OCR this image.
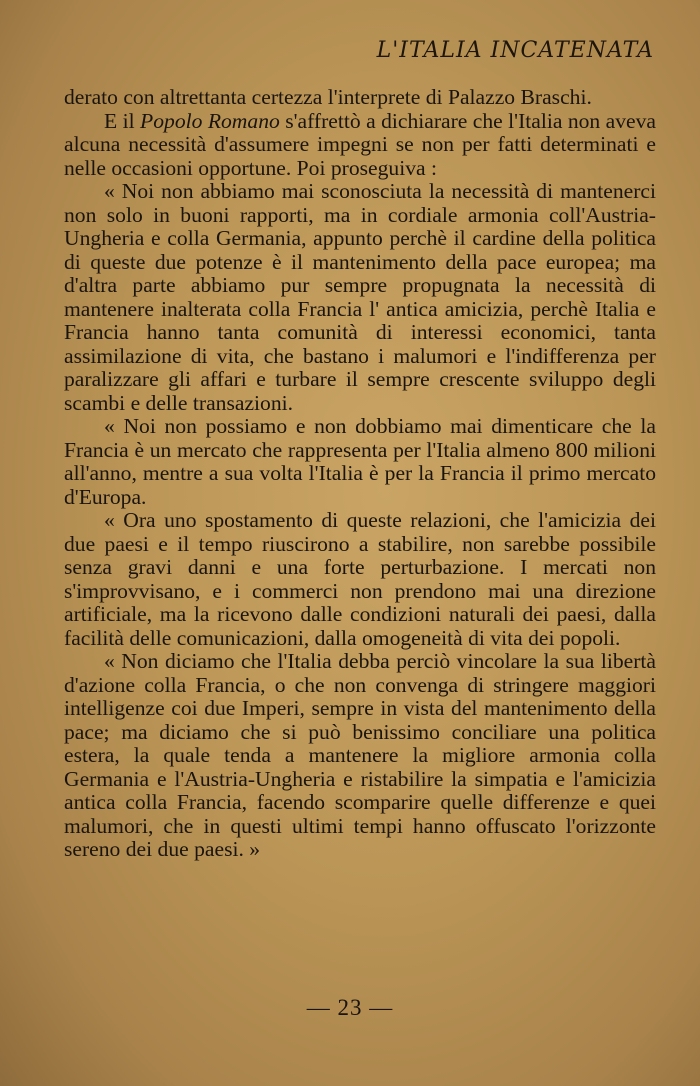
L'ITALIA INCATENATA

derato con altrettanta certezza l'interprete di Palazzo Braschi.

E il Popolo Romano s'affrettò a dichiarare che l'Italia non aveva alcuna necessità d'assumere impegni se non per fatti determinati e nelle occasioni opportune. Poi proseguiva :

« Noi non abbiamo mai sconosciuta la necessità di mantenerci non solo in buoni rapporti, ma in cordiale armonia coll'Austria-Ungheria e colla Germania, appunto perchè il cardine della politica di queste due potenze è il mantenimento della pace europea; ma d'altra parte abbiamo pur sempre propugnata la necessità di mantenere inalterata colla Francia l' antica amicizia, perchè Italia e Francia hanno tanta comunità di interessi economici, tanta assimilazione di vita, che bastano i malumori e l'indifferenza per paralizzare gli affari e turbare il sempre crescente sviluppo degli scambi e delle transazioni.

« Noi non possiamo e non dobbiamo mai dimenticare che la Francia è un mercato che rappresenta per l'Italia almeno 800 milioni all'anno, mentre a sua volta l'Italia è per la Francia il primo mercato d'Europa.

« Ora uno spostamento di queste relazioni, che l'amicizia dei due paesi e il tempo riuscirono a stabilire, non sarebbe possibile senza gravi danni e una forte perturbazione. I mercati non s'improvvisano, e i commerci non prendono mai una direzione artificiale, ma la ricevono dalle condizioni naturali dei paesi, dalla facilità delle comunicazioni, dalla omogeneità di vita dei popoli.

« Non diciamo che l'Italia debba perciò vincolare la sua libertà d'azione colla Francia, o che non convenga di stringere maggiori intelligenze coi due Imperi, sempre in vista del mantenimento della pace; ma diciamo che si può benissimo conciliare una politica estera, la quale tenda a mantenere la migliore armonia colla Germania e l'Austria-Ungheria e ristabilire la simpatia e l'amicizia antica colla Francia, facendo scomparire quelle differenze e quei malumori, che in questi ultimi tempi hanno offuscato l'orizzonte sereno dei due paesi. »

— 23 —
